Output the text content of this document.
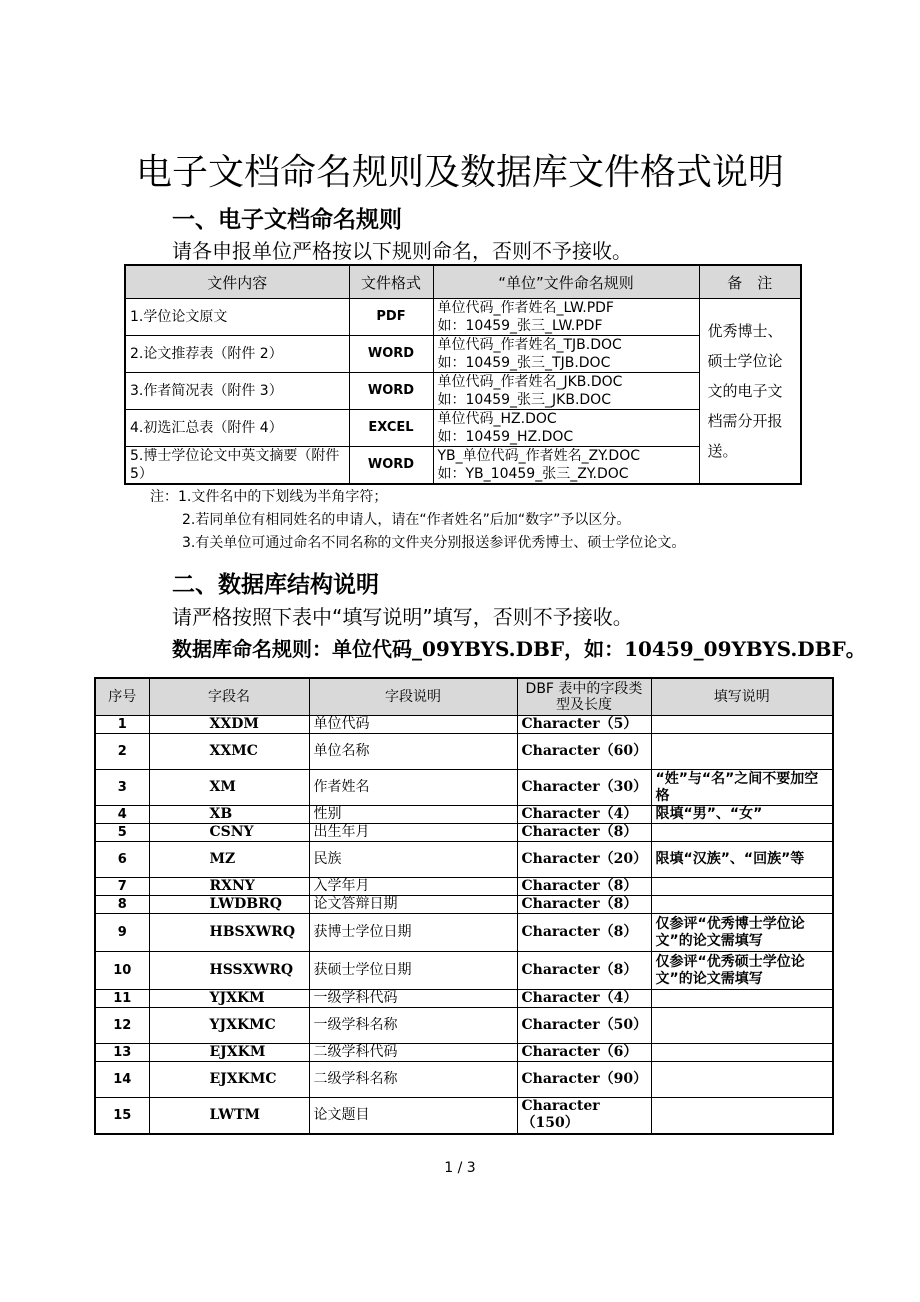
电子文档命名规则及数据库文件格式说明
一、电子文档命名规则
请各申报单位严格按以下规则命名，否则不予接收。
文件内容	文件格式	“单位”文件命名规则	备　注
1.学位论文原文	PDF	单位代码_作者姓名_LW.PDF
如：10459_张三_LW.PDF	优秀博士、硕士学位论文的电子文档需分开报送。
2.论文推荐表（附件 2）	WORD	单位代码_作者姓名_TJB.DOC
如：10459_张三_TJB.DOC	

3.作者简况表（附件 3）	WORD	单位代码_作者姓名_JKB.DOC
如：10459_张三_JKB.DOC	

4.初选汇总表（附件 4）	EXCEL	单位代码_HZ.DOC
如：10459_HZ.DOC	

5.博士学位论文中英文摘要（附件 5）	WORD	YB_单位代码_作者姓名_ZY.DOC
如：YB_10459_张三_ZY.DOC	
注：1.文件名中的下划线为半角字符；
2.若同单位有相同姓名的申请人，请在“作者姓名”后加“数字”予以区分。
3.有关单位可通过命名不同名称的文件夹分别报送参评优秀博士、硕士学位论文。
二、数据库结构说明
请严格按照下表中“填写说明”填写，否则不予接收。
数据库命名规则：单位代码_09YBYS.DBF，如：10459_09YBYS.DBF。
序号	字段名	字段说明	DBF 表中的字段类型及长度	填写说明
1	XXDM	单位代码	Character（5）	
2	XXMC	单位名称	Character（60）	
3	XM	作者姓名	Character（30）	“姓”与“名”之间不要加空格
4	XB	性别	Character（4）	限填“男”、“女”
5	CSNY	出生年月	Character（8）	
6	MZ	民族	Character（20）	限填“汉族”、“回族”等
7	RXNY	入学年月	Character（8）	
8	LWDBRQ	论文答辩日期	Character（8）	
9	HBSXWRQ	获博士学位日期	Character（8）	仅参评“优秀博士学位论文”的论文需填写
10	HSSXWRQ	获硕士学位日期	Character（8）	仅参评“优秀硕士学位论文”的论文需填写
11	YJXKM	一级学科代码	Character（4）	
12	YJXKMC	一级学科名称	Character（50）	
13	EJXKM	二级学科代码	Character（6）	
14	EJXKMC	二级学科名称	Character（90）	
15	LWTM	论文题目	Character（150）	
1 / 3
